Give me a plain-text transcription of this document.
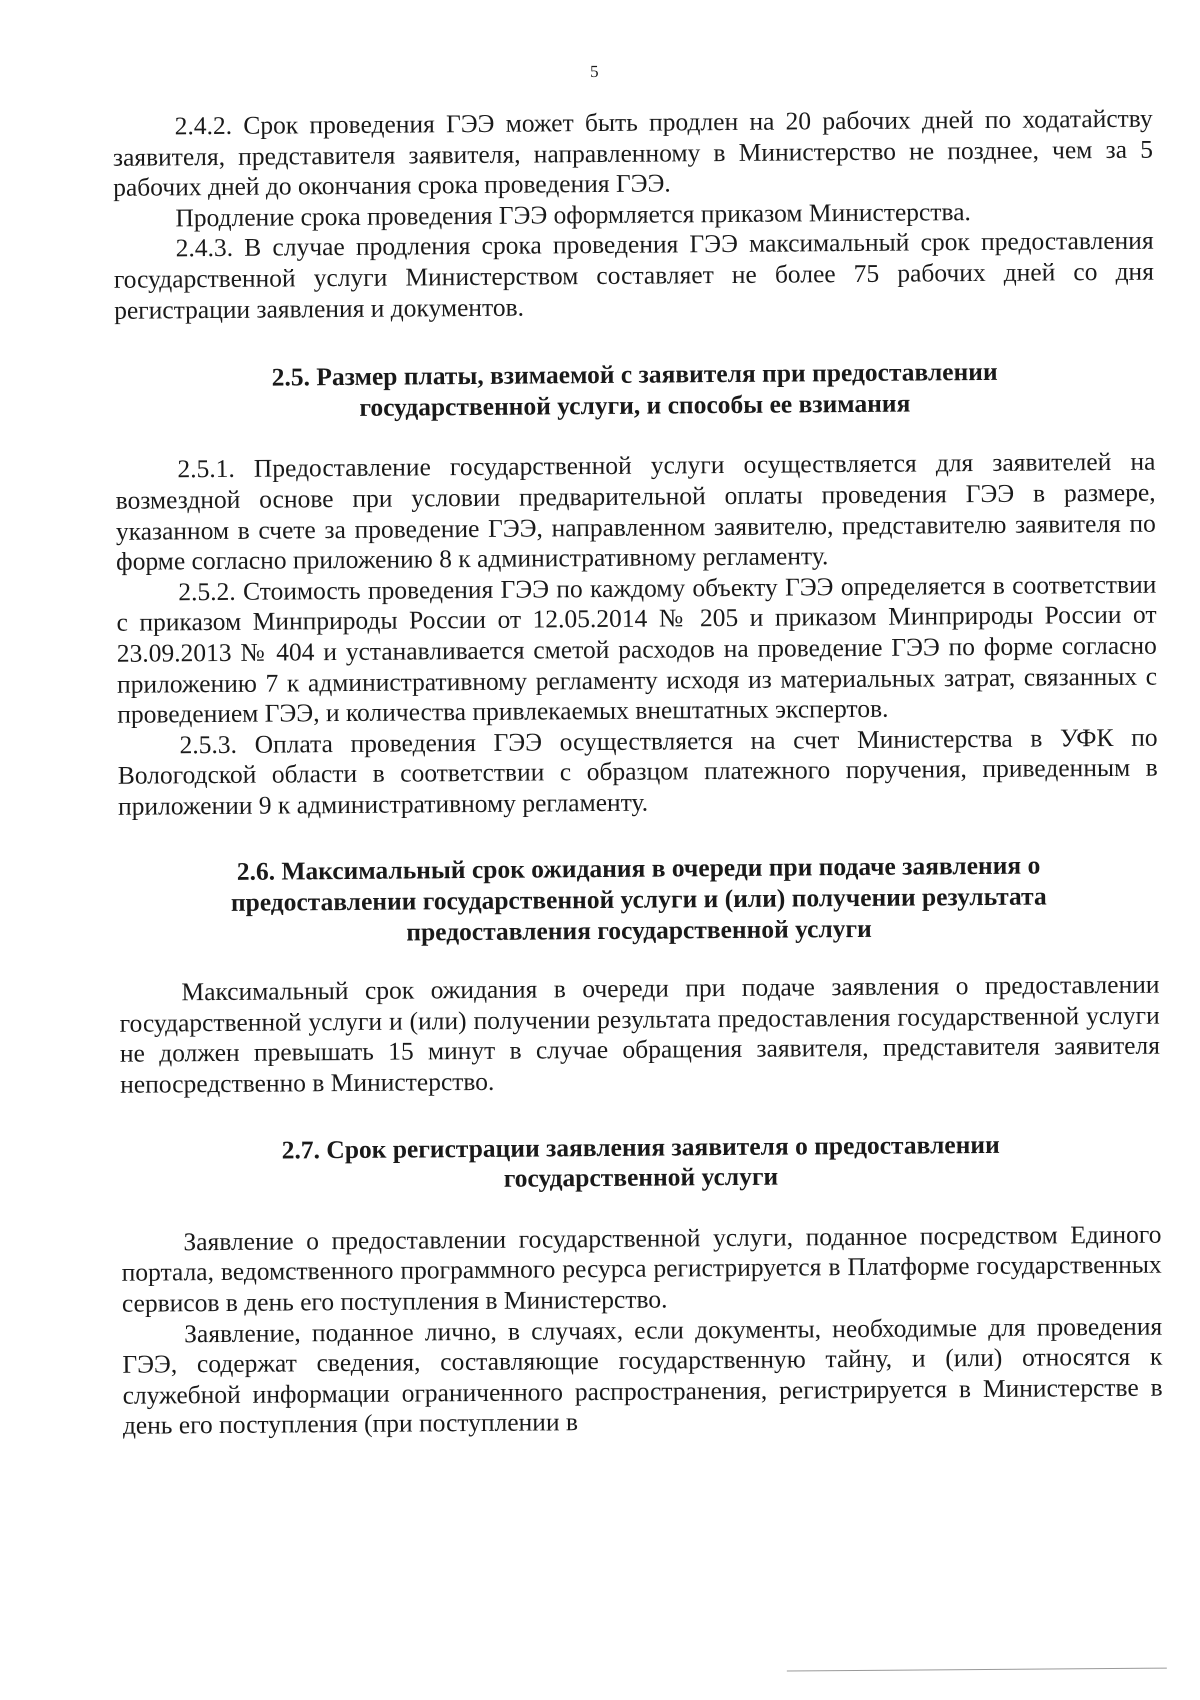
5

2.4.2. Срок проведения ГЭЭ может быть продлен на 20 рабочих дней по ходатайству заявителя, представителя заявителя, направленному в Министерство не позднее, чем за 5 рабочих дней до окончания срока проведения ГЭЭ.

Продление срока проведения ГЭЭ оформляется приказом Министерства.

2.4.3. В случае продления срока проведения ГЭЭ максимальный срок предоставления государственной услуги Министерством составляет не более 75 рабочих дней со дня регистрации заявления и документов.

2.5. Размер платы, взимаемой с заявителя при предоставлении
государственной услуги, и способы ее взимания

2.5.1. Предоставление государственной услуги осуществляется для заявителей на возмездной основе при условии предварительной оплаты проведения ГЭЭ в размере, указанном в счете за проведение ГЭЭ, направленном заявителю, представителю заявителя по форме согласно приложению 8 к административному регламенту.

2.5.2. Стоимость проведения ГЭЭ по каждому объекту ГЭЭ определяется в соответствии с приказом Минприроды России от 12.05.2014 № 205 и приказом Минприроды России от 23.09.2013 № 404 и устанавливается сметой расходов на проведение ГЭЭ по форме согласно приложению 7 к административному регламенту исходя из материальных затрат, связанных с проведением ГЭЭ, и количества привлекаемых внештатных экспертов.

2.5.3. Оплата проведения ГЭЭ осуществляется на счет Министерства в УФК по Вологодской области в соответствии с образцом платежного поручения, приведенным в приложении 9 к административному регламенту.

2.6. Максимальный срок ожидания в очереди при подаче заявления о
предоставлении государственной услуги и (или) получении результата
предоставления государственной услуги

Максимальный срок ожидания в очереди при подаче заявления о предоставлении государственной услуги и (или) получении результата предоставления государственной услуги не должен превышать 15 минут в случае обращения заявителя, представителя заявителя непосредственно в Министерство.

2.7. Срок регистрации заявления заявителя о предоставлении
государственной услуги

Заявление о предоставлении государственной услуги, поданное посредством Единого портала, ведомственного программного ресурса регистрируется в Платформе государственных сервисов в день его поступления в Министерство.

Заявление, поданное лично, в случаях, если документы, необходимые для проведения ГЭЭ, содержат сведения, составляющие государственную тайну, и (или) относятся к служебной информации ограниченного распространения, регистрируется в Министерстве в день его поступления (при поступлении в
